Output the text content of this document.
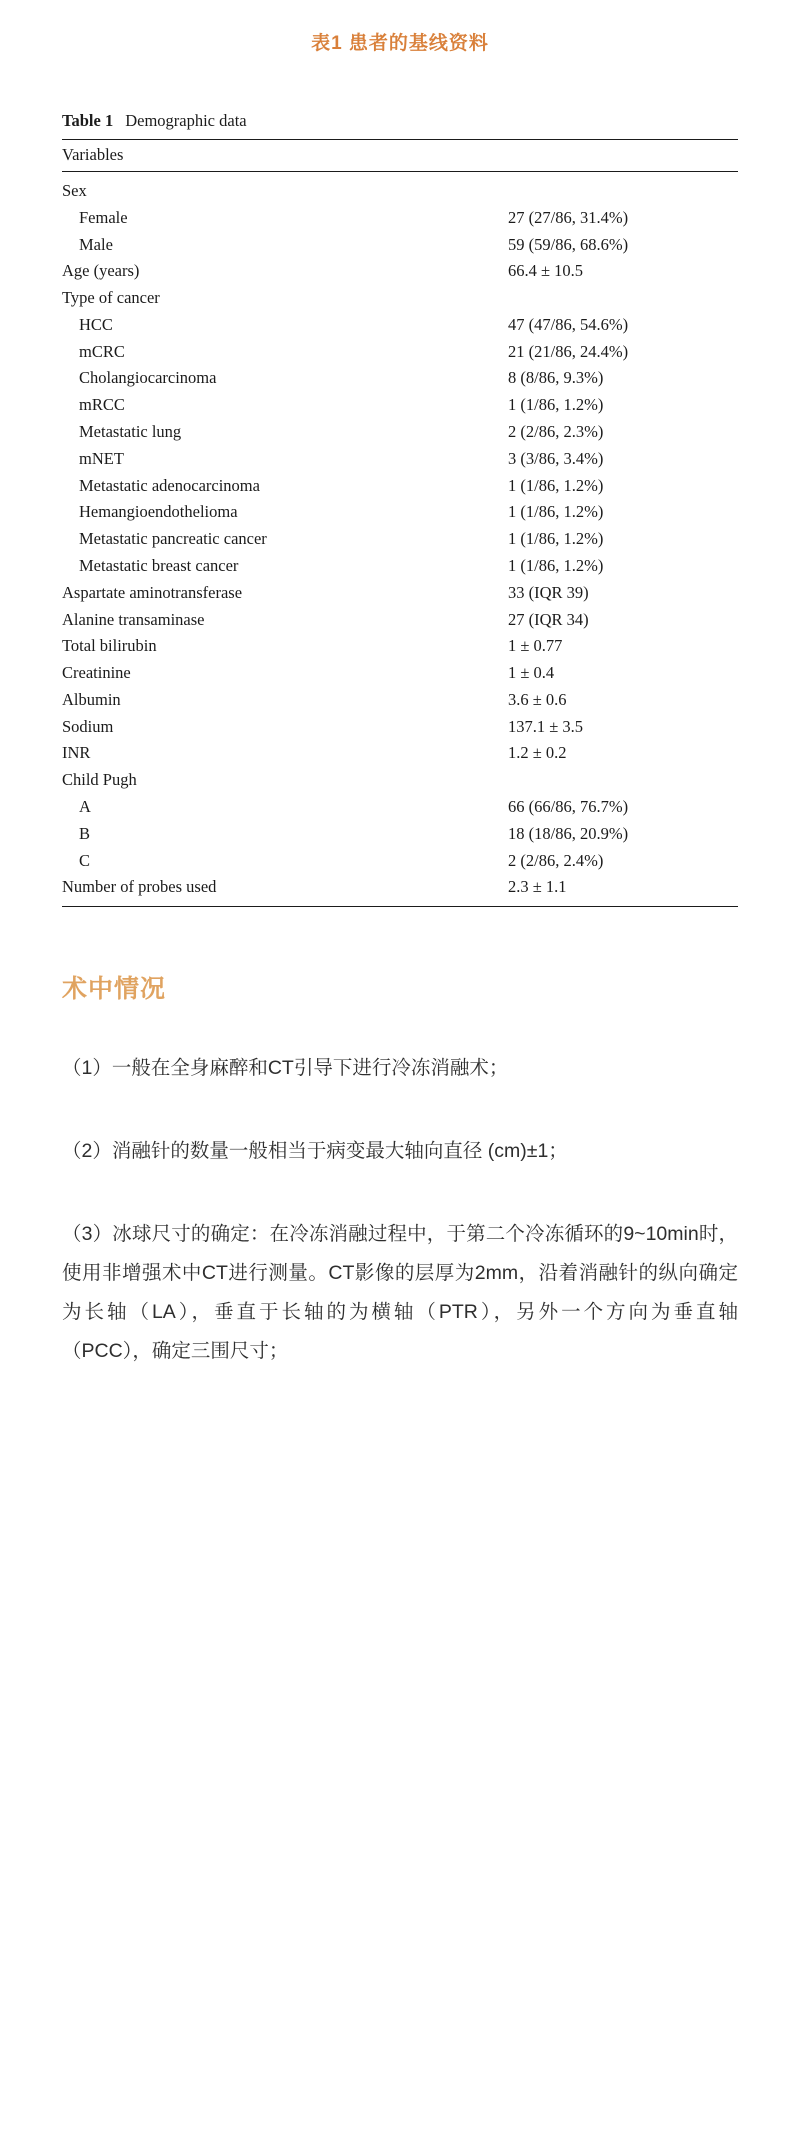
表1 患者的基线资料
Table 1 Demographic data
Variables	
Sex	
Female	27 (27/86, 31.4%)
Male	59 (59/86, 68.6%)
Age (years)	66.4 ± 10.5
Type of cancer	
HCC	47 (47/86, 54.6%)
mCRC	21 (21/86, 24.4%)
Cholangiocarcinoma	8 (8/86, 9.3%)
mRCC	1 (1/86, 1.2%)
Metastatic lung	2 (2/86, 2.3%)
mNET	3 (3/86, 3.4%)
Metastatic adenocarcinoma	1 (1/86, 1.2%)
Hemangioendothelioma	1 (1/86, 1.2%)
Metastatic pancreatic cancer	1 (1/86, 1.2%)
Metastatic breast cancer	1 (1/86, 1.2%)
Aspartate aminotransferase	33 (IQR 39)
Alanine transaminase	27 (IQR 34)
Total bilirubin	1 ± 0.77
Creatinine	1 ± 0.4
Albumin	3.6 ± 0.6
Sodium	137.1 ± 3.5
INR	1.2 ± 0.2
Child Pugh	
A	66 (66/86, 76.7%)
B	18 (18/86, 20.9%)
C	2 (2/86, 2.4%)
Number of probes used	2.3 ± 1.1
术中情况
（1）一般在全身麻醉和CT引导下进行冷冻消融术；
（2）消融针的数量一般相当于病变最大轴向直径 (cm)±1；
（3）冰球尺寸的确定：在冷冻消融过程中，于第二个冷冻循环的9~10min时，使用非增强术中CT进行测量。CT影像的层厚为2mm，沿着消融针的纵向确定为长轴（LA），垂直于长轴的为横轴（PTR），另外一个方向为垂直轴（PCC），确定三围尺寸；
